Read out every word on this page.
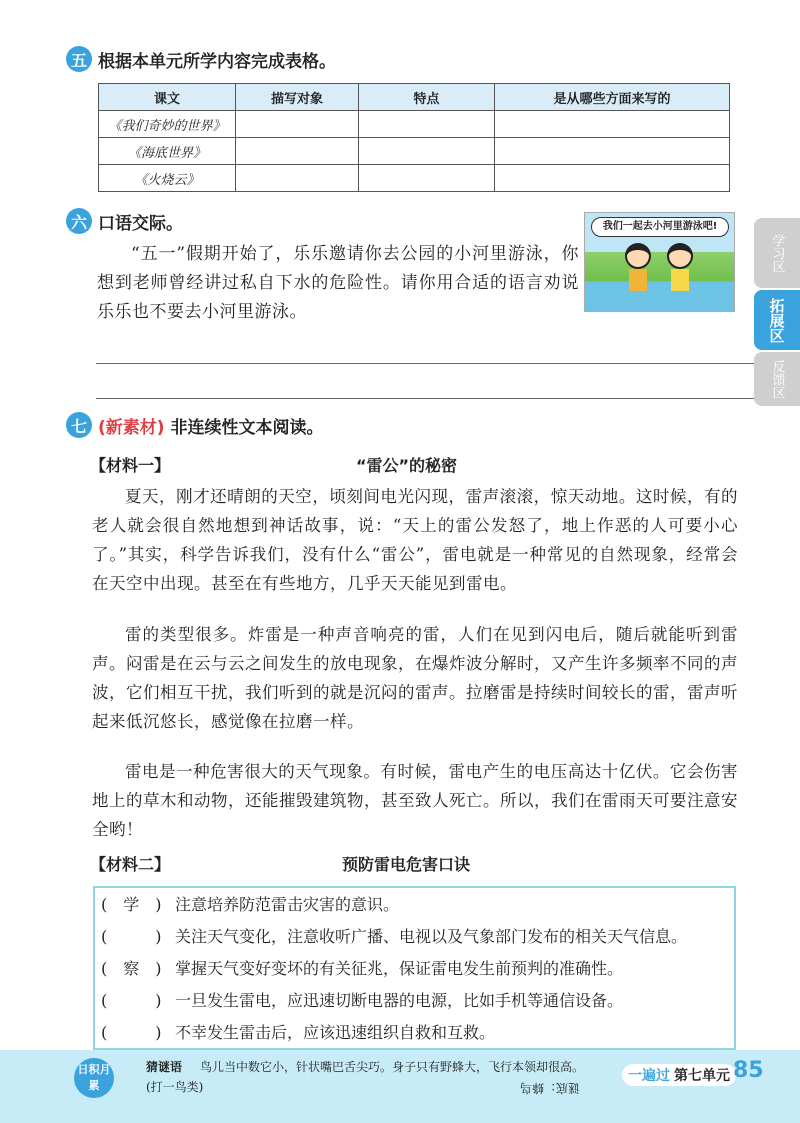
五 根据本单元所学内容完成表格。
课文	描写对象	特点	是从哪些方面来写的
《我们奇妙的世界》			
《海底世界》			
《火烧云》			
六 口语交际。
“五一”假期开始了，乐乐邀请你去公园的小河里游泳，你想到老师曾经讲过私自下水的危险性。请你用合适的语言劝说乐乐也不要去小河里游泳。
我们一起去小河里游泳吧!
七 (新素材) 非连续性文本阅读。
【材料一】	“雷公”的秘密
夏天，刚才还晴朗的天空，顷刻间电光闪现，雷声滚滚，惊天动地。这时候，有的老人就会很自然地想到神话故事，说：“天上的雷公发怒了，地上作恶的人可要小心了。”其实，科学告诉我们，没有什么“雷公”，雷电就是一种常见的自然现象，经常会在天空中出现。甚至在有些地方，几乎天天能见到雷电。
雷的类型很多。炸雷是一种声音响亮的雷，人们在见到闪电后，随后就能听到雷声。闷雷是在云与云之间发生的放电现象，在爆炸波分解时，又产生许多频率不同的声波，它们相互干扰，我们听到的就是沉闷的雷声。拉磨雷是持续时间较长的雷，雷声听起来低沉悠长，感觉像在拉磨一样。
雷电是一种危害很大的天气现象。有时候，雷电产生的电压高达十亿伏。它会伤害地上的草木和动物，还能摧毁建筑物，甚至致人死亡。所以，我们在雷雨天可要注意安全哟！
【材料二】	预防雷电危害口诀
(　学　) 注意培养防范雷击灾害的意识。
(　　　) 关注天气变化，注意收听广播、电视以及气象部门发布的相关天气信息。
(　察　) 掌握天气变好变坏的有关征兆，保证雷电发生前预判的准确性。
(　　　) 一旦发生雷电，应迅速切断电器的电源，比如手机等通信设备。
(　　　) 不幸发生雷击后，应该迅速组织自救和互救。
学习区
拓展区
反馈区
日积月累
猜谜语 鸟儿当中数它小，针状嘴巴舌尖巧。身子只有野蜂大，飞行本领却很高。
(打一鸟类)	谜底：蜂鸟
一遍过 第七单元 85
